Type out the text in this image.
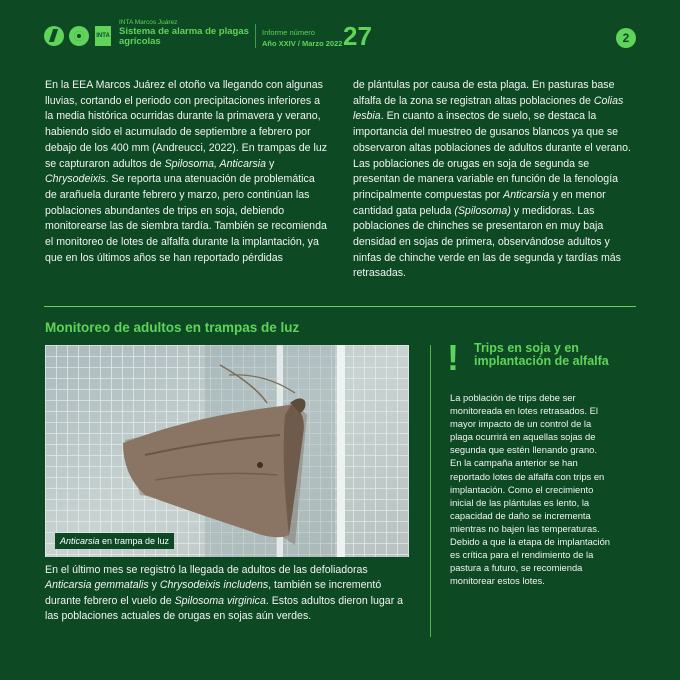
INTA
INTA Marcos Juárez
Sistema de alarma de plagas agrícolas
Informe número
Año XXIV / Marzo 2022 27	2

En la EEA Marcos Juárez el otoño va llegando con algunas lluvias, cortando el periodo con precipitaciones inferiores a la media histórica ocurridas durante la primavera y verano, habiendo sido el acumulado de septiembre a febrero por debajo de los 400 mm (Andreucci, 2022). En trampas de luz se capturaron adultos de Spilosoma, Anticarsia y Chrysodeixis. Se reporta una atenuación de problemática de arañuela durante febrero y marzo, pero continúan las poblaciones abundantes de trips en soja, debiendo monitorearse las de siembra tardía. También se recomienda el monitoreo de lotes de alfalfa durante la implantación, ya que en los últimos años se han reportado pérdidas

de plántulas por causa de esta plaga. En pasturas base alfalfa de la zona se registran altas poblaciones de Colias lesbia. En cuanto a insectos de suelo, se destaca la importancia del muestreo de gusanos blancos ya que se observaron altas poblaciones de adultos durante el verano. Las poblaciones de orugas en soja de segunda se presentan de manera variable en función de la fenología principalmente compuestas por Anticarsia y en menor cantidad gata peluda (Spilosoma) y medidoras. Las poblaciones de chinches se presentaron en muy baja densidad en sojas de primera, observándose adultos y ninfas de chinche verde en las de segunda y tardías más retrasadas.

Monitoreo de adultos en trampas de luz
Anticarsia en trampa de luz
En el último mes se registró la llegada de adultos de las defoliadoras Anticarsia gemmatalis y Chrysodeixis includens, también se incrementó durante febrero el vuelo de Spilosoma virginica. Estos adultos dieron lugar a las poblaciones actuales de orugas en sojas aún verdes.
! Trips en soja y en implantación de alfalfa
La población de trips debe ser monitoreada en lotes retrasados. El mayor impacto de un control de la plaga ocurrirá en aquellas sojas de segunda que estén llenando grano. En la campaña anterior se han reportado lotes de alfalfa con trips en implantación. Como el crecimiento inicial de las plántulas es lento, la capacidad de daño se incrementa mientras no bajen las temperaturas. Debido a que la etapa de implantación es crítica para el rendimiento de la pastura a futuro, se recomienda monitorear estos lotes.
